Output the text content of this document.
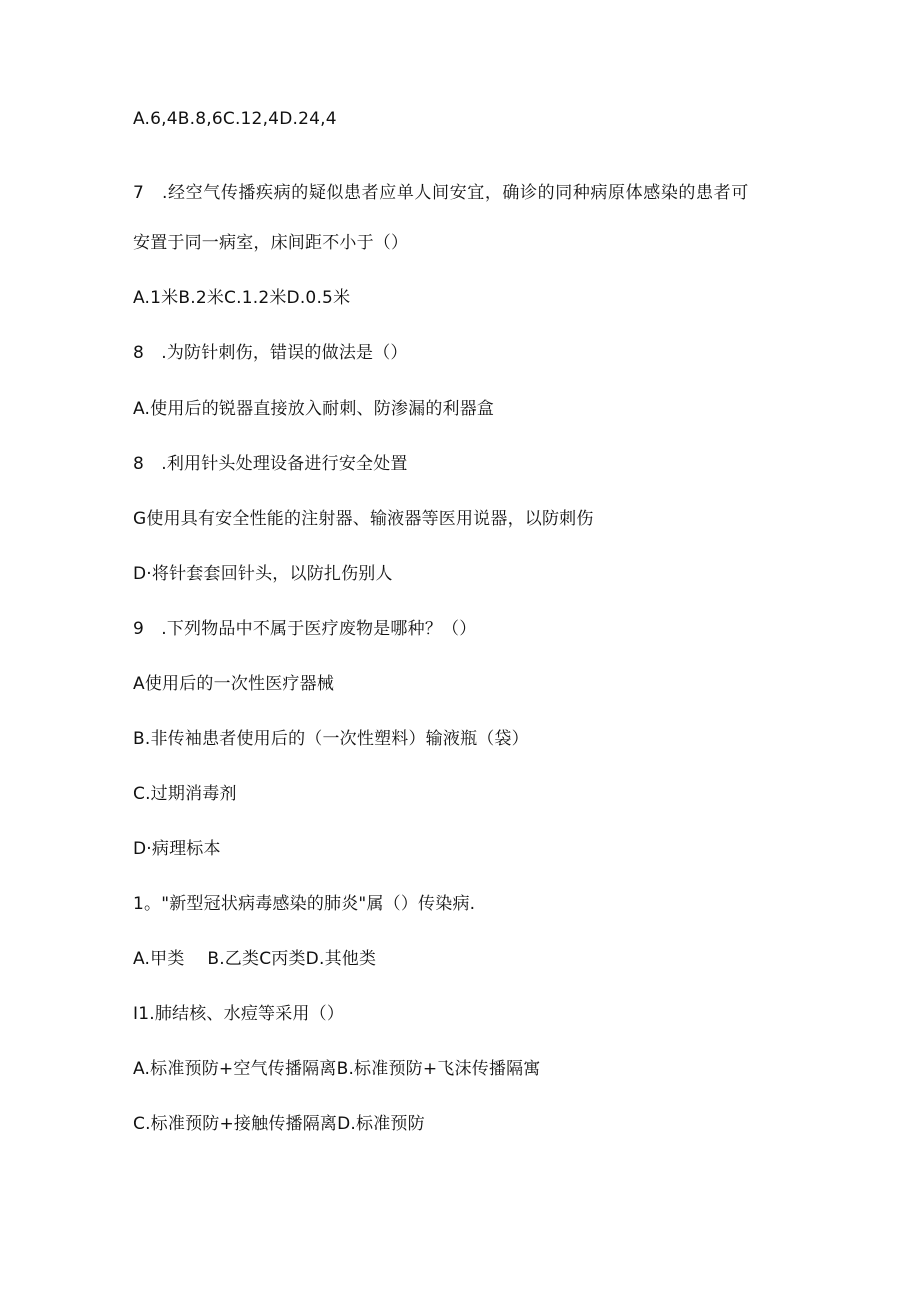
A.6,4B.8,6C.12,4D.24,4
7　.经空气传播疾病的疑似患者应单人间安宜，确诊的同种病原体感染的患者可
安置于同一病室，床间距不小于（）
A.1米B.2米C.1.2米D.0.5米
8　.为防针刺伤，错误的做法是（）
A.使用后的锐器直接放入耐刺、防渗漏的利器盒
8　.利用针头处理设备进行安全处置
G使用具有安全性能的注射器、输液器等医用说器，以防刺伤
D·将针套套回针头，以防扎伤别人
9　.下列物品中不属于医疗废物是哪种？（）
A使用后的一次性医疗器械
B.非传袖患者使用后的（一次性塑料）输液瓶（袋）
C.过期消毒剂
D·病理标本
1。"新型冠状病毒感染的肺炎"属（）传染病.
A.甲类　 B.乙类C丙类D.其他类
I1.肺结核、水痘等采用（）
A.标准预防+空气传播隔离B.标准预防+飞沫传播隔寓
C.标准预防+接触传播隔离D.标准预防
